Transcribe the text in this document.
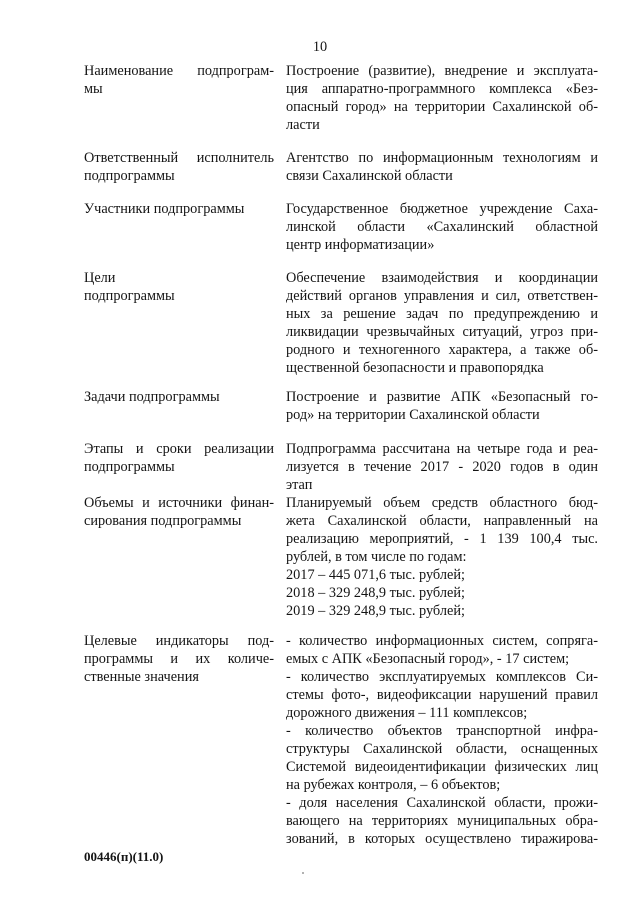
10
Наименование подпрограм-
мы
Построение (развитие), внедрение и эксплуата-
ция аппаратно-программного комплекса «Без-
опасный город» на территории Сахалинской об-
ласти
Ответственный исполнитель
подпрограммы
Агентство по информационным технологиям и
связи Сахалинской области
Участники подпрограммы	Государственное бюджетное учреждение Саха-
линской области «Сахалинский областной
центр информатизации»
Цели
подпрограммы
Обеспечение взаимодействия и координации
действий органов управления и сил, ответствен-
ных за решение задач по предупреждению и
ликвидации чрезвычайных ситуаций, угроз при-
родного и техногенного характера, а также об-
щественной безопасности и правопорядка
Задачи подпрограммы	Построение и развитие АПК «Безопасный го-
род» на территории Сахалинской области
Этапы и сроки реализации
подпрограммы
Подпрограмма рассчитана на четыре года и реа-
лизуется в течение 2017 - 2020 годов в один
этап
Объемы и источники финан-
сирования подпрограммы
Планируемый объем средств областного бюд-
жета Сахалинской области, направленный на
реализацию мероприятий, - 1 139 100,4 тыс.
рублей, в том числе по годам:
2017 – 445 071,6 тыс. рублей;
2018 – 329 248,9 тыс. рублей;
2019 – 329 248,9 тыс. рублей;
Целевые индикаторы под-
программы и их количе-
ственные значения
- количество информационных систем, сопряга-
емых с АПК «Безопасный город», - 17 систем;
- количество эксплуатируемых комплексов Си-
стемы фото-, видеофиксации нарушений правил
дорожного движения – 111 комплексов;
- количество объектов транспортной инфра-
структуры Сахалинской области, оснащенных
Системой видеоидентификации физических лиц
на рубежах контроля, – 6 объектов;
- доля населения Сахалинской области, прожи-
вающего на территориях муниципальных обра-
зований, в которых осуществлено тиражирова-
00446(п)(11.0)
